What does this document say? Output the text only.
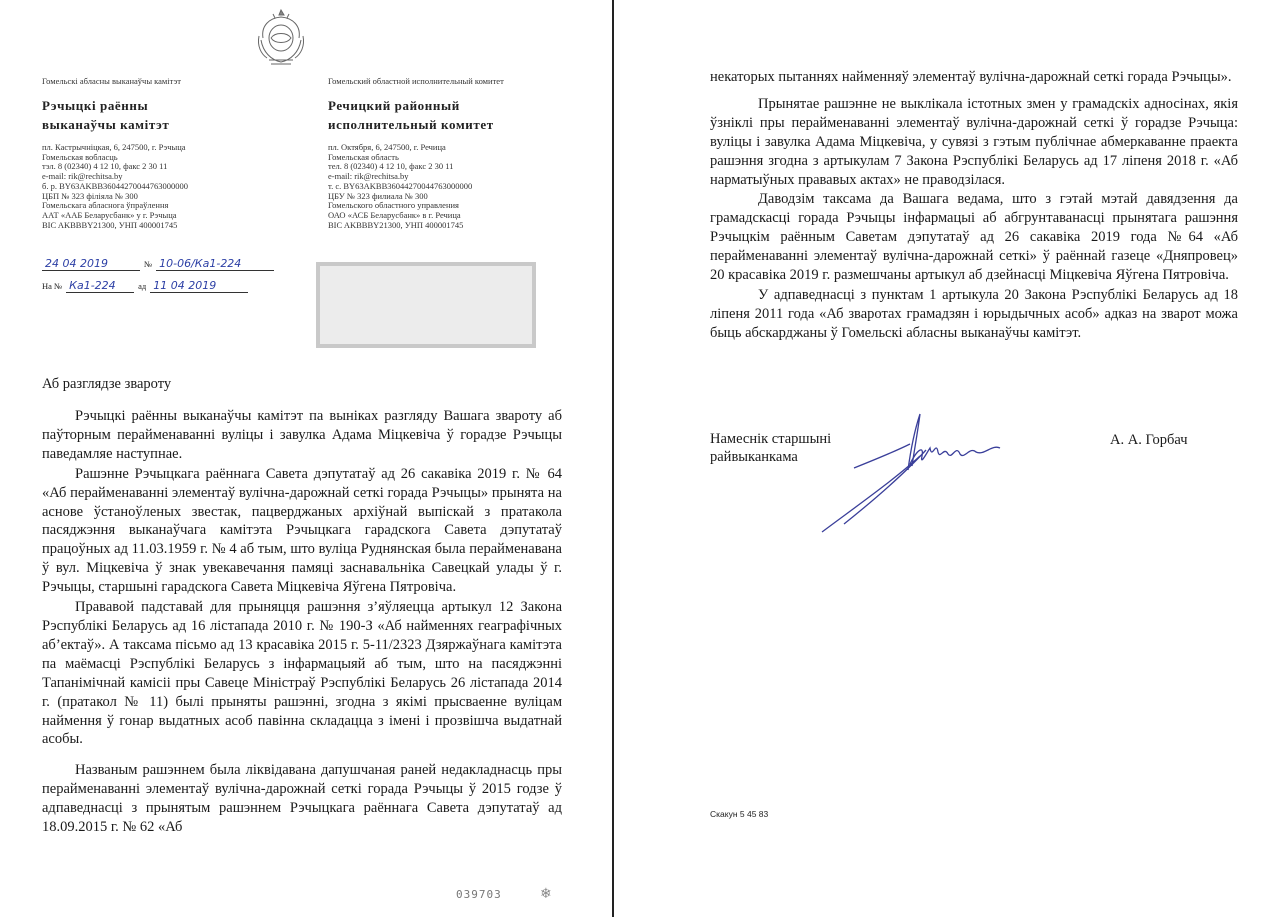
Гомельскі абласны выканаўчы камітэт
Рэчыцкі раённы
выканаўчы камітэт
пл. Кастрычніцкая, 6, 247500, г. Рэчыца
Гомельская вобласць
тэл. 8 (02340) 4 12 10, факс 2 30 11
e-mail: rik@rechitsa.by
б. р. BY63AKBB36044270044763000000
ЦБП № 323 філіяла № 300
Гомельскага абласнога ўпраўлення
ААТ «ААБ Беларусбанк» у г. Рэчыца
BIC AKBBBY21300, УНП 400001745
Гомельский областной исполнительный комитет
Речицкий районный
исполнительный комитет
пл. Октября, 6, 247500, г. Речица
Гомельская область
тел. 8 (02340) 4 12 10, факс 2 30 11
e-mail: rik@rechitsa.by
т. с. BY63AKBB36044270044763000000
ЦБУ № 323 филиала № 300
Гомельского областного управления
ОАО «АСБ Беларусбанк» в г. Речица
BIC AKBBBY21300, УНП 400001745
24 04 2019	№ 10-06/Ка1-224
На № Ка1-224	ад 11 04 2019
Аб разглядзе звароту

Рэчыцкі раённы выканаўчы камітэт па выніках разгляду Вашага звароту аб паўторным перайменаванні вуліцы і завулка Адама Міцкевіча ў горадзе Рэчыцы паведамляе наступнае.

Рашэнне Рэчыцкага раённага Савета дэпутатаў ад 26 сакавіка 2019 г. № 64 «Аб перайменаванні элементаў вулічна-дарожнай сеткі горада Рэчыцы» прынята на аснове ўстаноўленых звестак, пацверджаных архіўнай выпіскай з пратакола пасяджэння выканаўчага камітэта Рэчыцкага гарадскога Савета дэпутатаў працоўных ад 11.03.1959 г. № 4 аб тым, што вуліца Руднянская была перайменавана ў вул. Міцкевіча ў знак увекавечання памяці заснавальніка Савецкай улады ў г. Рэчыцы, старшыні гарадскога Савета Міцкевіча Яўгена Пятровіча.

Прававой падставай для прыняцця рашэння з’яўляецца артыкул 12 Закона Рэспублікі Беларусь ад 16 лістапада 2010 г. № 190-З «Аб найменнях геаграфічных аб’ектаў». А таксама пісьмо ад 13 красавіка 2015 г. 5-11/2323 Дзяржаўнага камітэта па маёмасці Рэспублікі Беларусь з інфармацыяй аб тым, што на пасяджэнні Тапанімічнай камісіі пры Савеце Міністраў Рэспублікі Беларусь 26 лістапада 2014 г. (пратакол № 11) былі прыняты рашэнні, згодна з якімі прысваенне вуліцам наймення ў гонар выдатных асоб павінна складацца з імені і прозвішча выдатнай асобы.

Названым рашэннем была ліквідавана дапушчаная раней недакладнасць пры перайменаванні элементаў вулічна-дарожнай сеткі горада Рэчыцы ў 2015 годзе ў адпаведнасці з прынятым рашэннем Рэчыцкага раённага Савета дэпутатаў ад 18.09.2015 г. № 62 «Аб

039703	❄

некаторых пытаннях найменняў элементаў вулічна-дарожнай сеткі горада Рэчыцы».

Прынятае рашэнне не выклікала істотных змен у грамадскіх адносінах, якія ўзніклі пры перайменаванні элементаў вулічна-дарожнай сеткі ў горадзе Рэчыца: вуліцы і завулка Адама Міцкевіча, у сувязі з гэтым публічнае абмеркаванне праекта рашэння згодна з артыкулам 7 Закона Рэспублікі Беларусь ад 17 ліпеня 2018 г. «Аб нарматыўных прававых актах» не праводзілася.

Даводзім таксама да Вашага ведама, што з гэтай мэтай давядзення да грамадскасці горада Рэчыцы інфармацыі аб абгрунтаванасці прынятага рашэння Рэчыцкім раённым Саветам дэпутатаў ад 26 сакавіка 2019 года №64 «Аб перайменаванні элементаў вулічна-дарожнай сеткі» ў раённай газеце «Дняпровец» 20 красавіка 2019 г. размешчаны артыкул аб дзейнасці Міцкевіча Яўгена Пятровіча.

У адпаведнасці з пунктам 1 артыкула 20 Закона Рэспублікі Беларусь ад 18 ліпеня 2011 года «Аб зваротах грамадзян і юрыдычных асоб» адказ на зварот можа быць абскарджаны ў Гомельскі абласны выканаўчы камітэт.

Намеснік старшыні
райвыканкама
А. А. Горбач
Скакун 5 45 83
